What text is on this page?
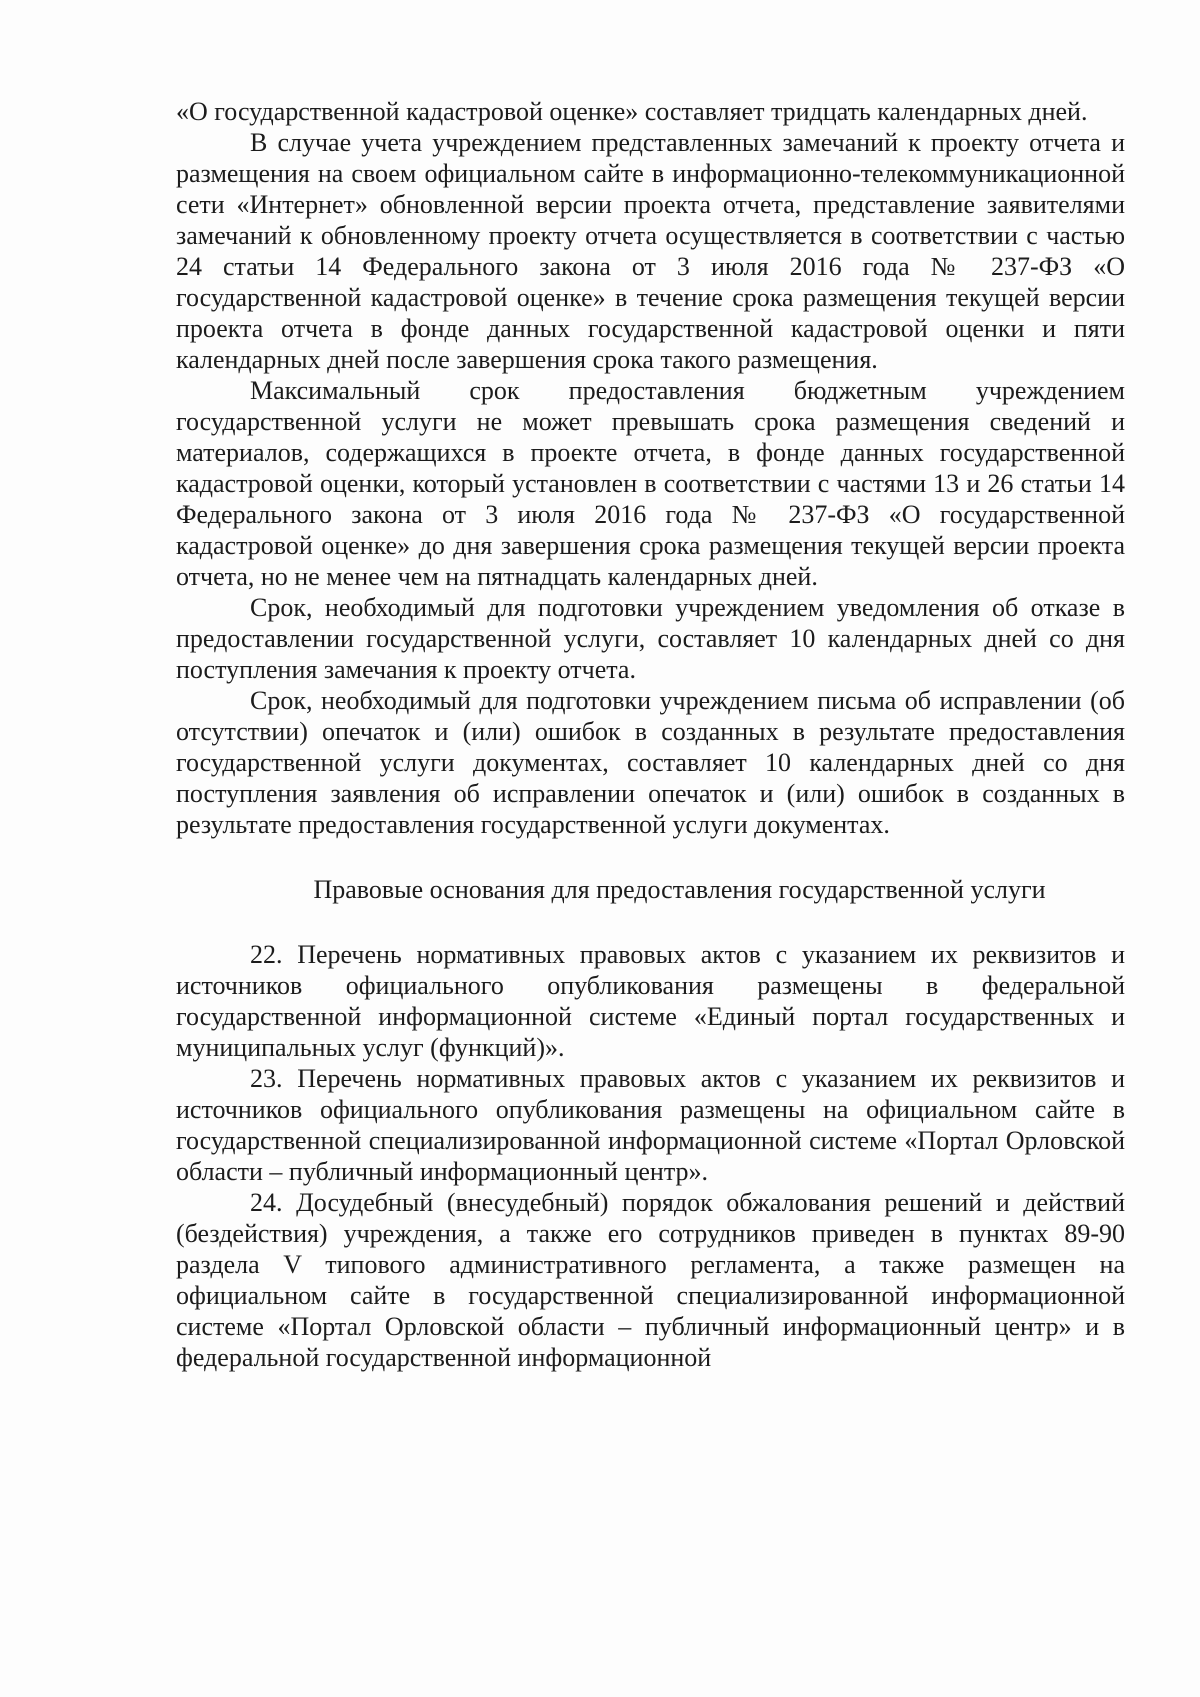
«О государственной кадастровой оценке» составляет тридцать календарных дней.

В случае учета учреждением представленных замечаний к проекту отчета и размещения на своем официальном сайте в информационно-телекоммуникационной сети «Интернет» обновленной версии проекта отчета, представление заявителями замечаний к обновленному проекту отчета осуществляется в соответствии с частью 24 статьи 14 Федерального закона от 3 июля 2016 года № 237-ФЗ «О государственной кадастровой оценке» в течение срока размещения текущей версии проекта отчета в фонде данных государственной кадастровой оценки и пяти календарных дней после завершения срока такого размещения.

Максимальный срок предоставления бюджетным учреждением государственной услуги не может превышать срока размещения сведений и материалов, содержащихся в проекте отчета, в фонде данных государственной кадастровой оценки, который установлен в соответствии с частями 13 и 26 статьи 14 Федерального закона от 3 июля 2016 года № 237-ФЗ «О государственной кадастровой оценке» до дня завершения срока размещения текущей версии проекта отчета, но не менее чем на пятнадцать календарных дней.

Срок, необходимый для подготовки учреждением уведомления об отказе в предоставлении государственной услуги, составляет 10 календарных дней со дня поступления замечания к проекту отчета.

Срок, необходимый для подготовки учреждением письма об исправлении (об отсутствии) опечаток и (или) ошибок в созданных в результате предоставления государственной услуги документах, составляет 10 календарных дней со дня поступления заявления об исправлении опечаток и (или) ошибок в созданных в результате предоставления государственной услуги документах.

Правовые основания для предоставления государственной услуги

22. Перечень нормативных правовых актов с указанием их реквизитов и источников официального опубликования размещены в федеральной государственной информационной системе «Единый портал государственных и муниципальных услуг (функций)».

23. Перечень нормативных правовых актов с указанием их реквизитов и источников официального опубликования размещены на официальном сайте в государственной специализированной информационной системе «Портал Орловской области – публичный информационный центр».

24. Досудебный (внесудебный) порядок обжалования решений и действий (бездействия) учреждения, а также его сотрудников приведен в пунктах 89-90 раздела V типового административного регламента, а также размещен на официальном сайте в государственной специализированной информационной системе «Портал Орловской области – публичный информационный центр» и в федеральной государственной информационной
